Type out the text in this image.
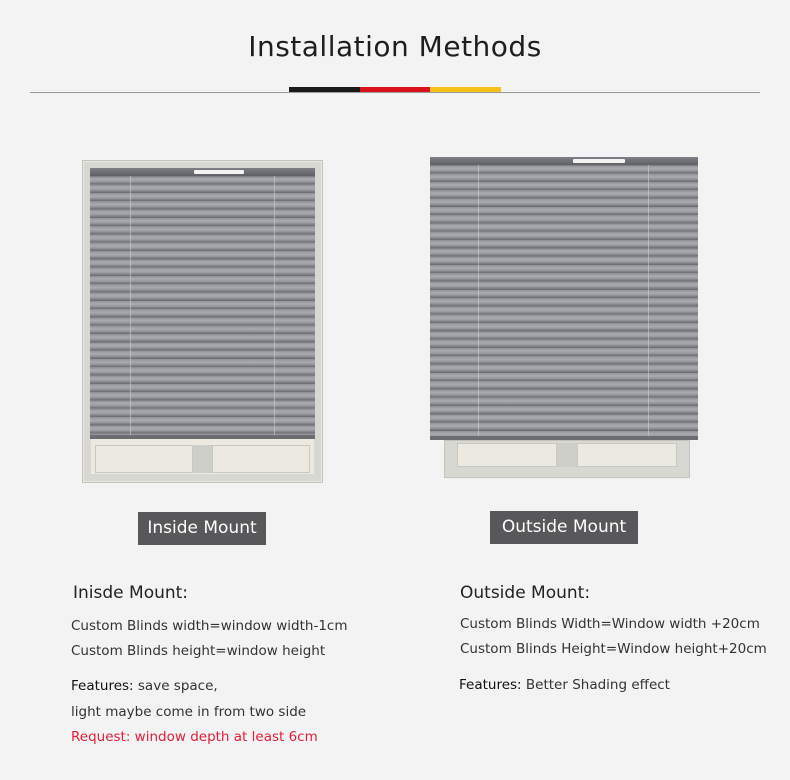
Installation Methods
Inside Mount	Outside Mount
Inisde Mount:
Custom Blinds width=window width-1cm
Custom Blinds height=window height
Features: save space,
light maybe come in from two side
Request: window depth at least 6cm
Outside Mount:
Custom Blinds Width=Window width +20cm
Custom Blinds Height=Window height+20cm
Features: Better Shading effect
